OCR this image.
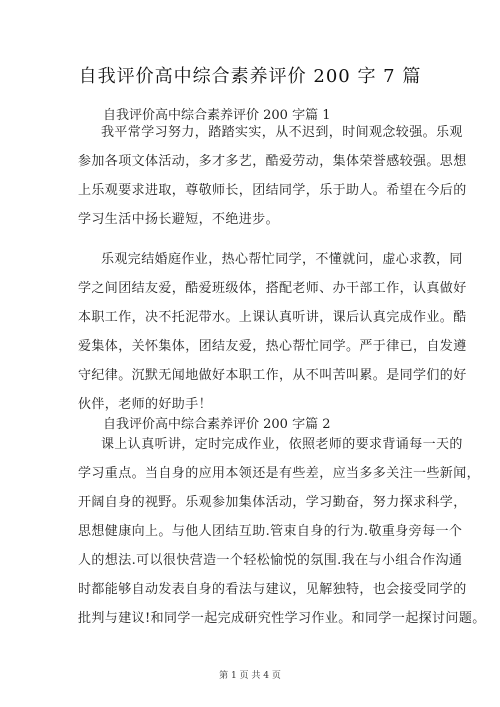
自我评价高中综合素养评价 200 字 7 篇
自我评价高中综合素养评价 200 字篇 1
我平常学习努力，踏踏实实，从不迟到，时间观念较强。乐观
参加各项文体活动，多才多艺，酷爱劳动，集体荣誉感较强。思想
上乐观要求进取，尊敬师长，团结同学，乐于助人。希望在今后的
学习生活中扬长避短，不绝进步。
乐观完结婚庭作业，热心帮忙同学，不懂就问，虚心求教，同
学之间团结友爱，酷爱班级体，搭配老师、办干部工作，认真做好
本职工作，决不托泥带水。上课认真听讲，课后认真完成作业。酷
爱集体，关怀集体，团结友爱，热心帮忙同学。严于律已，自发遵
守纪律。沉默无闻地做好本职工作，从不叫苦叫累。是同学们的好
伙伴，老师的好助手！
自我评价高中综合素养评价 200 字篇 2
课上认真听讲，定时完成作业，依照老师的要求背诵每一天的
学习重点。当自身的应用本领还是有些差，应当多多关注一些新闻，
开阔自身的视野。乐观参加集体活动，学习勤奋，努力探求科学，
思想健康向上。与他人团结互助.管束自身的行为.敬重身旁每一个
人的想法.可以很快营造一个轻松愉悦的氛围.我在与小组合作沟通
时都能够自动发表自身的看法与建议，见解独特，也会接受同学的
批判与建议!和同学一起完成研究性学习作业。和同学一起探讨问题。
第 1 页 共 4 页
